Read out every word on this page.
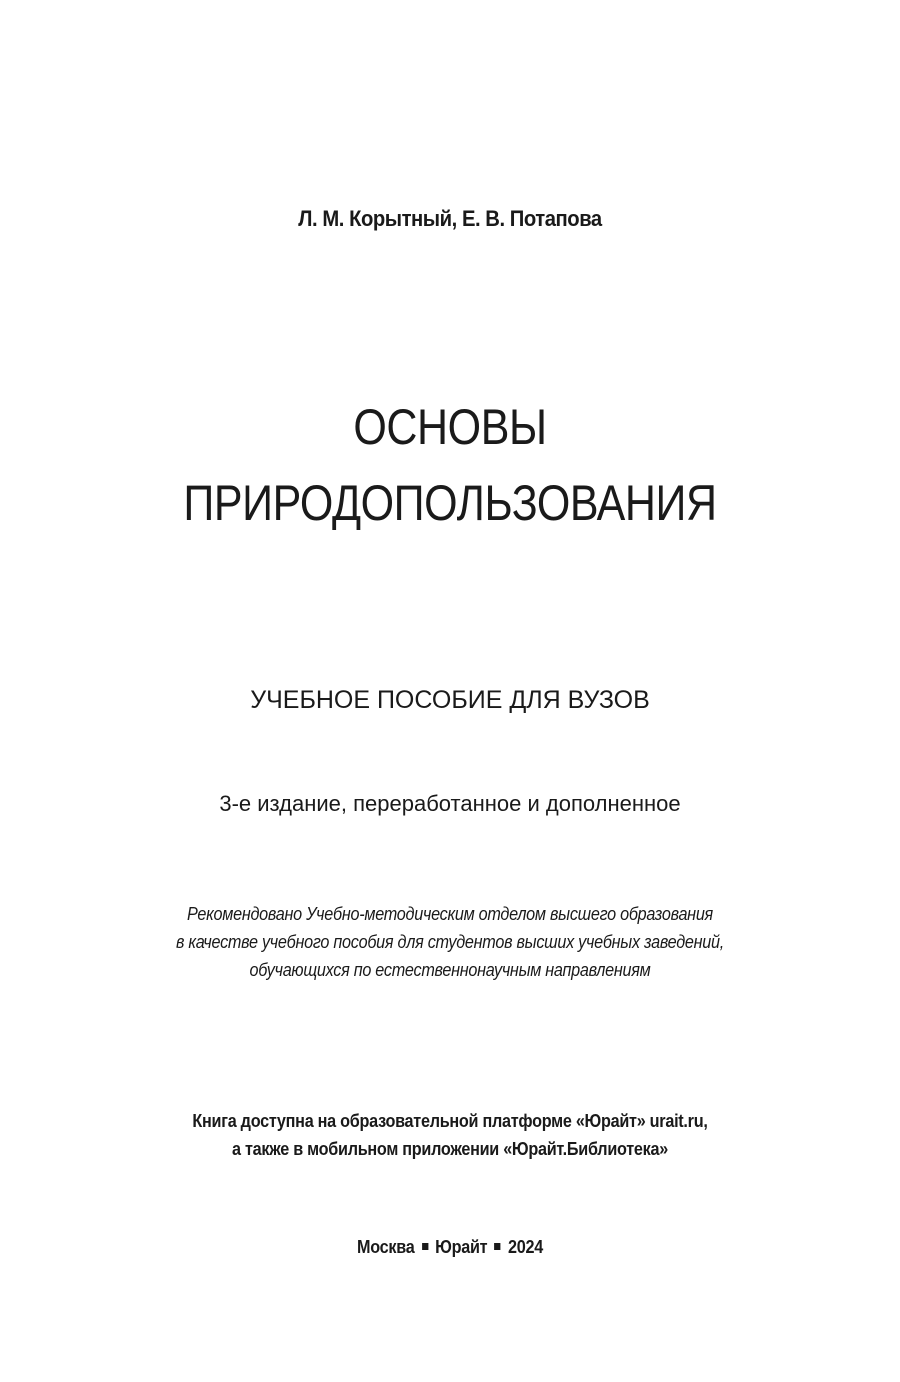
Л. М. Корытный, Е. В. Потапова
ОСНОВЫ
ПРИРОДОПОЛЬЗОВАНИЯ
УЧЕБНОЕ ПОСОБИЕ ДЛЯ ВУЗОВ
3-е издание, переработанное и дополненное
Рекомендовано Учебно-методическим отделом высшего образования
в качестве учебного пособия для студентов высших учебных заведений,
обучающихся по естественнонаучным направлениям
Книга доступна на образовательной платформе «Юрайт» urait.ru,
а также в мобильном приложении «Юрайт.Библиотека»
Москва Юрайт 2024
